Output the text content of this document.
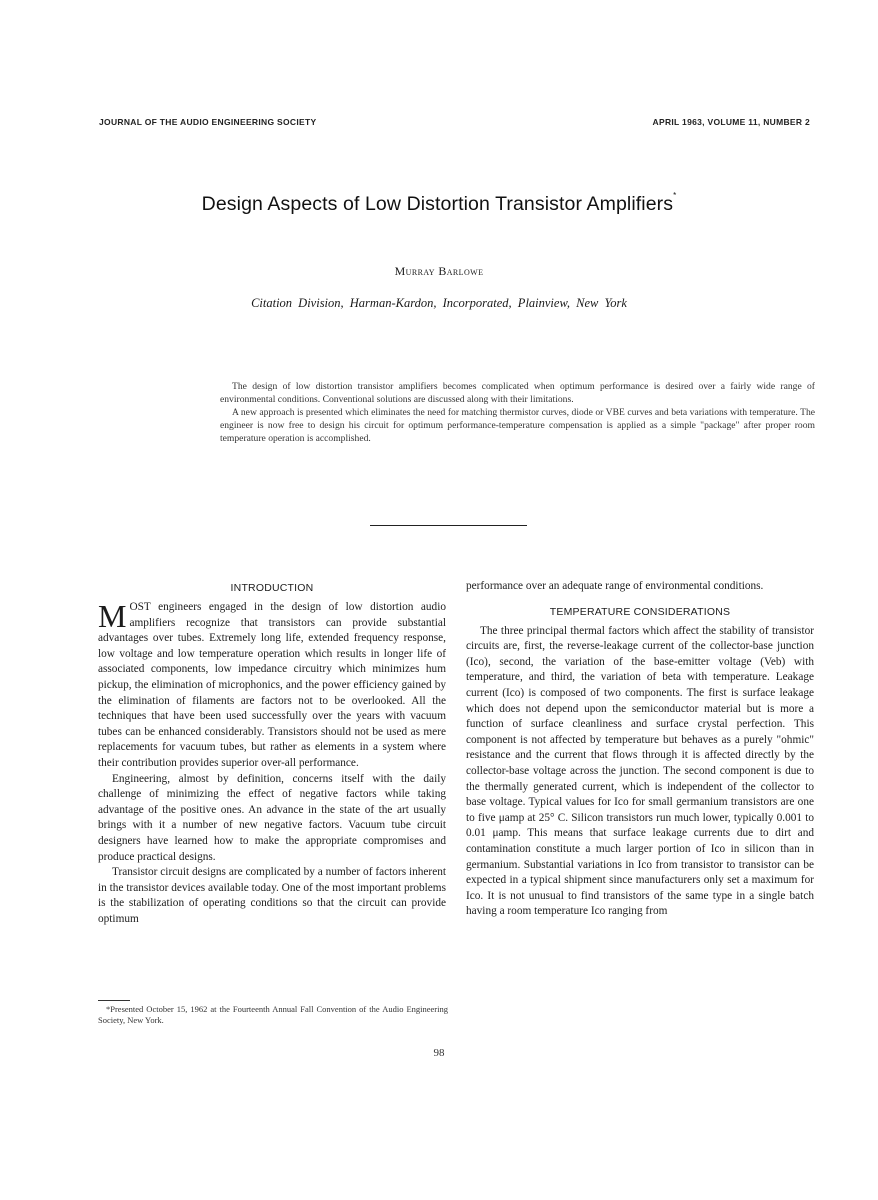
JOURNAL OF THE AUDIO ENGINEERING SOCIETY	APRIL 1963, VOLUME 11, NUMBER 2
Design Aspects of Low Distortion Transistor Amplifiers*
Murray Barlowe
Citation Division, Harman-Kardon, Incorporated, Plainview, New York

The design of low distortion transistor amplifiers becomes complicated when optimum performance is desired over a fairly wide range of environmental conditions. Conventional solutions are discussed along with their limitations.

A new approach is presented which eliminates the need for matching thermistor curves, diode or VBE curves and beta variations with temperature. The engineer is now free to design his circuit for optimum performance-temperature compensation is applied as a simple "package" after proper room temperature operation is accomplished.

INTRODUCTION

MOST engineers engaged in the design of low distortion audio amplifiers recognize that transistors can provide substantial advantages over tubes. Extremely long life, extended frequency response, low voltage and low temperature operation which results in longer life of associated components, low impedance circuitry which minimizes hum pickup, the elimination of microphonics, and the power efficiency gained by the elimination of filaments are factors not to be overlooked. All the techniques that have been used successfully over the years with vacuum tubes can be enhanced considerably. Transistors should not be used as mere replacements for vacuum tubes, but rather as elements in a system where their contribution provides superior over-all performance.

Engineering, almost by definition, concerns itself with the daily challenge of minimizing the effect of negative factors while taking advantage of the positive ones. An advance in the state of the art usually brings with it a number of new negative factors. Vacuum tube circuit designers have learned how to make the appropriate compromises and produce practical designs.

Transistor circuit designs are complicated by a number of factors inherent in the transistor devices available today. One of the most important problems is the stabilization of operating conditions so that the circuit can provide optimum

performance over an adequate range of environmental conditions.

TEMPERATURE CONSIDERATIONS

The three principal thermal factors which affect the stability of transistor circuits are, first, the reverse-leakage current of the collector-base junction (Ico), second, the variation of the base-emitter voltage (Veb) with temperature, and third, the variation of beta with temperature. Leakage current (Ico) is composed of two components. The first is surface leakage which does not depend upon the semiconductor material but is more a function of surface cleanliness and surface crystal perfection. This component is not affected by temperature but behaves as a purely "ohmic" resistance and the current that flows through it is affected directly by the collector-base voltage across the junction. The second component is due to the thermally generated current, which is independent of the collector to base voltage. Typical values for Ico for small germanium transistors are one to five μamp at 25° C. Silicon transistors run much lower, typically 0.001 to 0.01 μamp. This means that surface leakage currents due to dirt and contamination constitute a much larger portion of Ico in silicon than in germanium. Substantial variations in Ico from transistor to transistor can be expected in a typical shipment since manufacturers only set a maximum for Ico. It is not unusual to find transistors of the same type in a single batch having a room temperature Ico ranging from

*Presented October 15, 1962 at the Fourteenth Annual Fall Convention of the Audio Engineering Society, New York.

98
